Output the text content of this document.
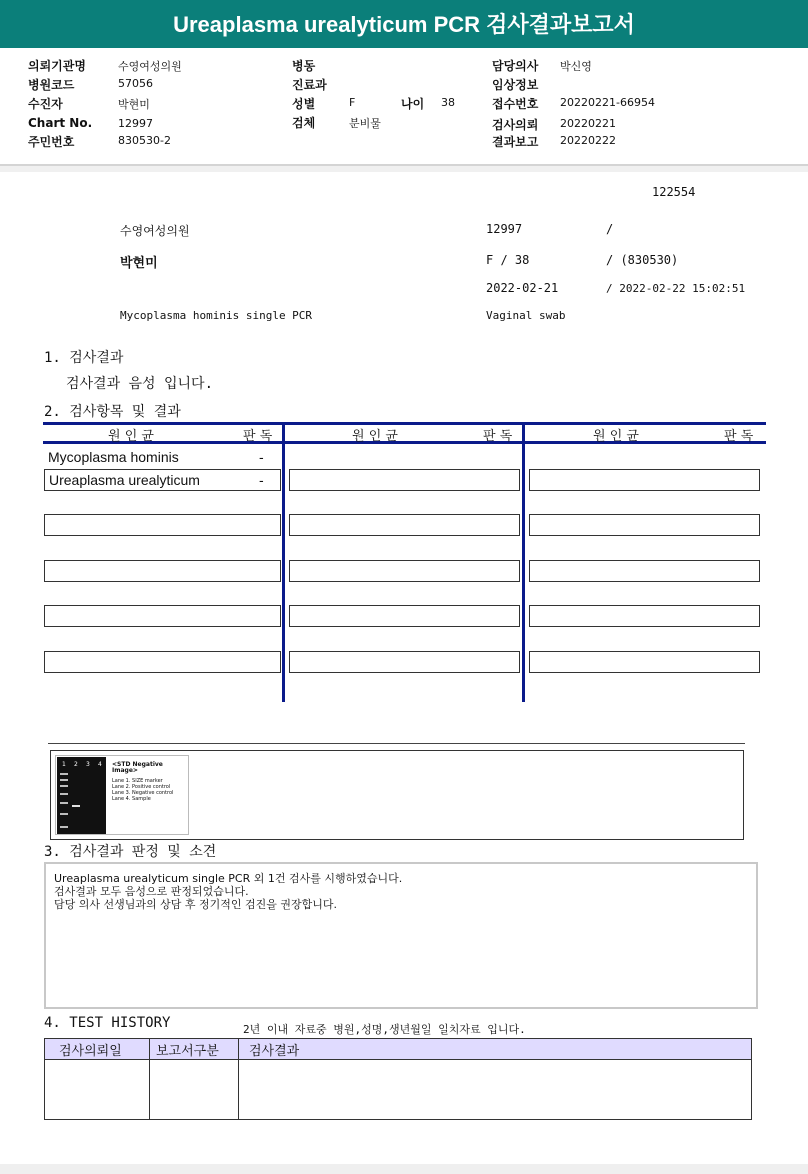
Ureaplasma urealyticum PCR 검사결과보고서
의뢰기관명	수영여성의원
병원코드	57056
수진자	박현미
Chart No. 12997
주민번호	830530-2
병동
진료과
성별	F	나이 38
검체	분비물
담당의사 박신영
임상정보
접수번호 20220221-66954
검사의뢰 20220221
결과보고 20220222
122554
수영여성의원	12997	/
박현미	F / 38	/ (830530)
2022-02-21	/ 2022-02-22 15:02:51
Mycoplasma hominis single PCR	Vaginal swab
1. 검사결과
검사결과 음성 입니다.
2. 검사항목 및 결과
원 인 균	판 독	원 인 균	판 독	원 인 균	판 독
Mycoplasma hominis	-
Ureaplasma urealyticum	-
1 2 3 4 <STD Negative Image>
Lane 1. SIZE marker
Lane 2. Positive control
Lane 3. Negative control
Lane 4. Sample
3. 검사결과 판정 및 소견
Ureaplasma urealyticum single PCR 외 1건 검사를 시행하였습니다.
검사결과 모두 음성으로 판정되었습니다.
담당 의사 선생님과의 상담 후 정기적인 검진을 권장합니다.
4. TEST HISTORY	2년 이내 자료중 병원,성명,생년월일 일치자료 입니다.
검사의뢰일	보고서구분	검사결과
